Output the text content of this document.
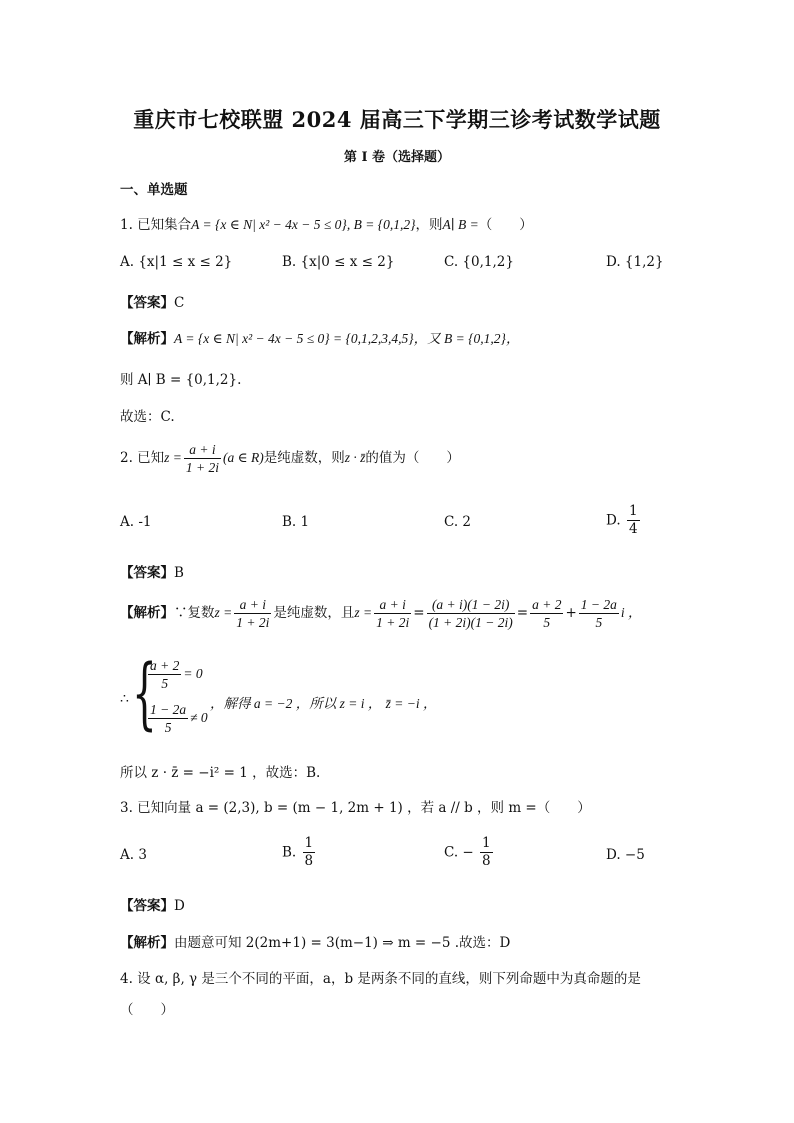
重庆市七校联盟 2024 届高三下学期三诊考试数学试题
第 I 卷（选择题）
一、单选题
1. 已知集合A = {x ∈ N| x² − 4x − 5 ≤ 0}, B = {0,1,2}，则A∣ B =（　　）
A. {x|1 ≤ x ≤ 2}	B. {x|0 ≤ x ≤ 2}	C. {0,1,2}	D. {1,2}
【答案】C
【解析】A = {x ∈ N| x² − 4x − 5 ≤ 0} = {0,1,2,3,4,5}，又 B = {0,1,2}，
则 A∣ B = {0,1,2}.
故选：C.
2. 已知$z = \frac{a + i}{1 + 2i} (a$ ∈ R)是纯虚数，则z · z̄的值为（　　）
A. -1	B. 1	C. 2	D. $\frac{1}{4}$
【答案】B
【解析】∵复数$z = \frac{a + i}{1 + 2i}$ 是纯虚数，且$z = \frac{a + i}{1 + 2i} = \frac{(a + i)(1 - 2i)}{(1 + 2i)(1 - 2i)} = \frac{a + 2}{5} + \frac{1 - 2a}{5}$ i ，
∴ {
$\frac{a + 2}{5} = 0$
$\frac{1 - 2a}{5} \ne 0$
，解得 a = −2 ，所以 z = i ， z̄ = −i ，
所以 z · z̄ = −i² = 1 ，故选：B.
3. 已知向量 a = (2,3), b = (m − 1, 2m + 1) ，若 a // b ，则 m =（　　）
A. 3	B. $\frac{1}{8}$	C. − $\frac{1}{8}$	D. −5
【答案】D
【解析】由题意可知 2(2m+1) = 3(m−1) ⇒ m = −5 .故选：D
4. 设 α, β, γ 是三个不同的平面，a，b 是两条不同的直线，则下列命题中为真命题的是
（　　）
